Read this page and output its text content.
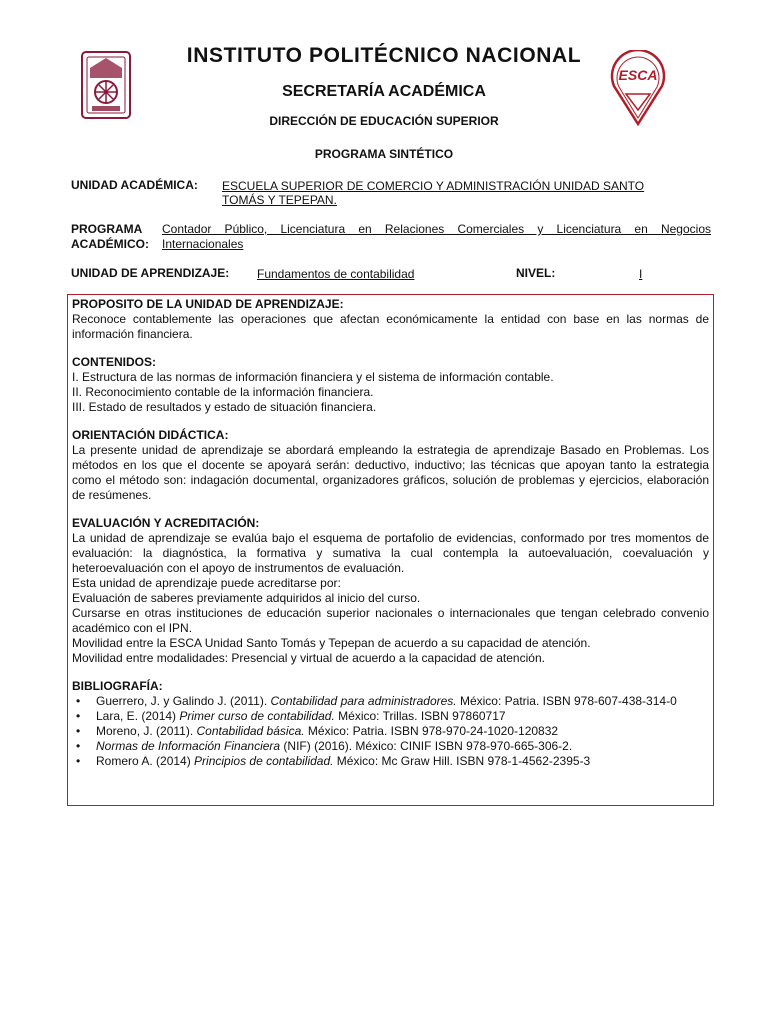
ESCA
INSTITUTO POLITÉCNICO NACIONAL
SECRETARÍA ACADÉMICA
DIRECCIÓN DE EDUCACIÓN SUPERIOR
PROGRAMA SINTÉTICO
UNIDAD ACADÉMICA: ESCUELA SUPERIOR DE COMERCIO Y ADMINISTRACIÓN UNIDAD SANTO
TOMÁS Y TEPEPAN.
PROGRAMA
ACADÉMICO:
Contador Público, Licenciatura en Relaciones Comerciales y Licenciatura en Negocios
Internacionales
UNIDAD DE APRENDIZAJE: Fundamentos de contabilidad	NIVEL:	I

PROPOSITO DE LA UNIDAD DE APRENDIZAJE:

Reconoce contablemente las operaciones que afectan económicamente la entidad con base en las normas de información financiera.

CONTENIDOS:

I. Estructura de las normas de información financiera y el sistema de información contable.

II. Reconocimiento contable de la información financiera.

III. Estado de resultados y estado de situación financiera.

ORIENTACIÓN DIDÁCTICA:

La presente unidad de aprendizaje se abordará empleando la estrategia de aprendizaje Basado en Problemas. Los métodos en los que el docente se apoyará serán: deductivo, inductivo; las técnicas que apoyan tanto la estrategia como el método son: indagación documental, organizadores gráficos, solución de problemas y ejercicios, elaboración de resúmenes.

EVALUACIÓN Y ACREDITACIÓN:

La unidad de aprendizaje se evalúa bajo el esquema de portafolio de evidencias, conformado por tres momentos de evaluación: la diagnóstica, la formativa y sumativa la cual contempla la autoevaluación, coevaluación y heteroevaluación con el apoyo de instrumentos de evaluación.

Esta unidad de aprendizaje puede acreditarse por:

Evaluación de saberes previamente adquiridos al inicio del curso.

Cursarse en otras instituciones de educación superior nacionales o internacionales que tengan celebrado convenio académico con el IPN.

Movilidad entre la ESCA Unidad Santo Tomás y Tepepan de acuerdo a su capacidad de atención.

Movilidad entre modalidades: Presencial y virtual de acuerdo a la capacidad de atención.

BIBLIOGRAFÍA:

• Guerrero, J. y Galindo J. (2011). Contabilidad para administradores. México: Patria. ISBN 978-607-438-314-0
• Lara, E. (2014) Primer curso de contabilidad. México: Trillas. ISBN 97860717
• Moreno, J. (2011). Contabilidad básica. México: Patria. ISBN 978-970-24-1020-120832
• Normas de Información Financiera (NIF) (2016). México: CINIF ISBN 978-970-665-306-2.
• Romero A. (2014) Principios de contabilidad. México: Mc Graw Hill. ISBN 978-1-4562-2395-3
